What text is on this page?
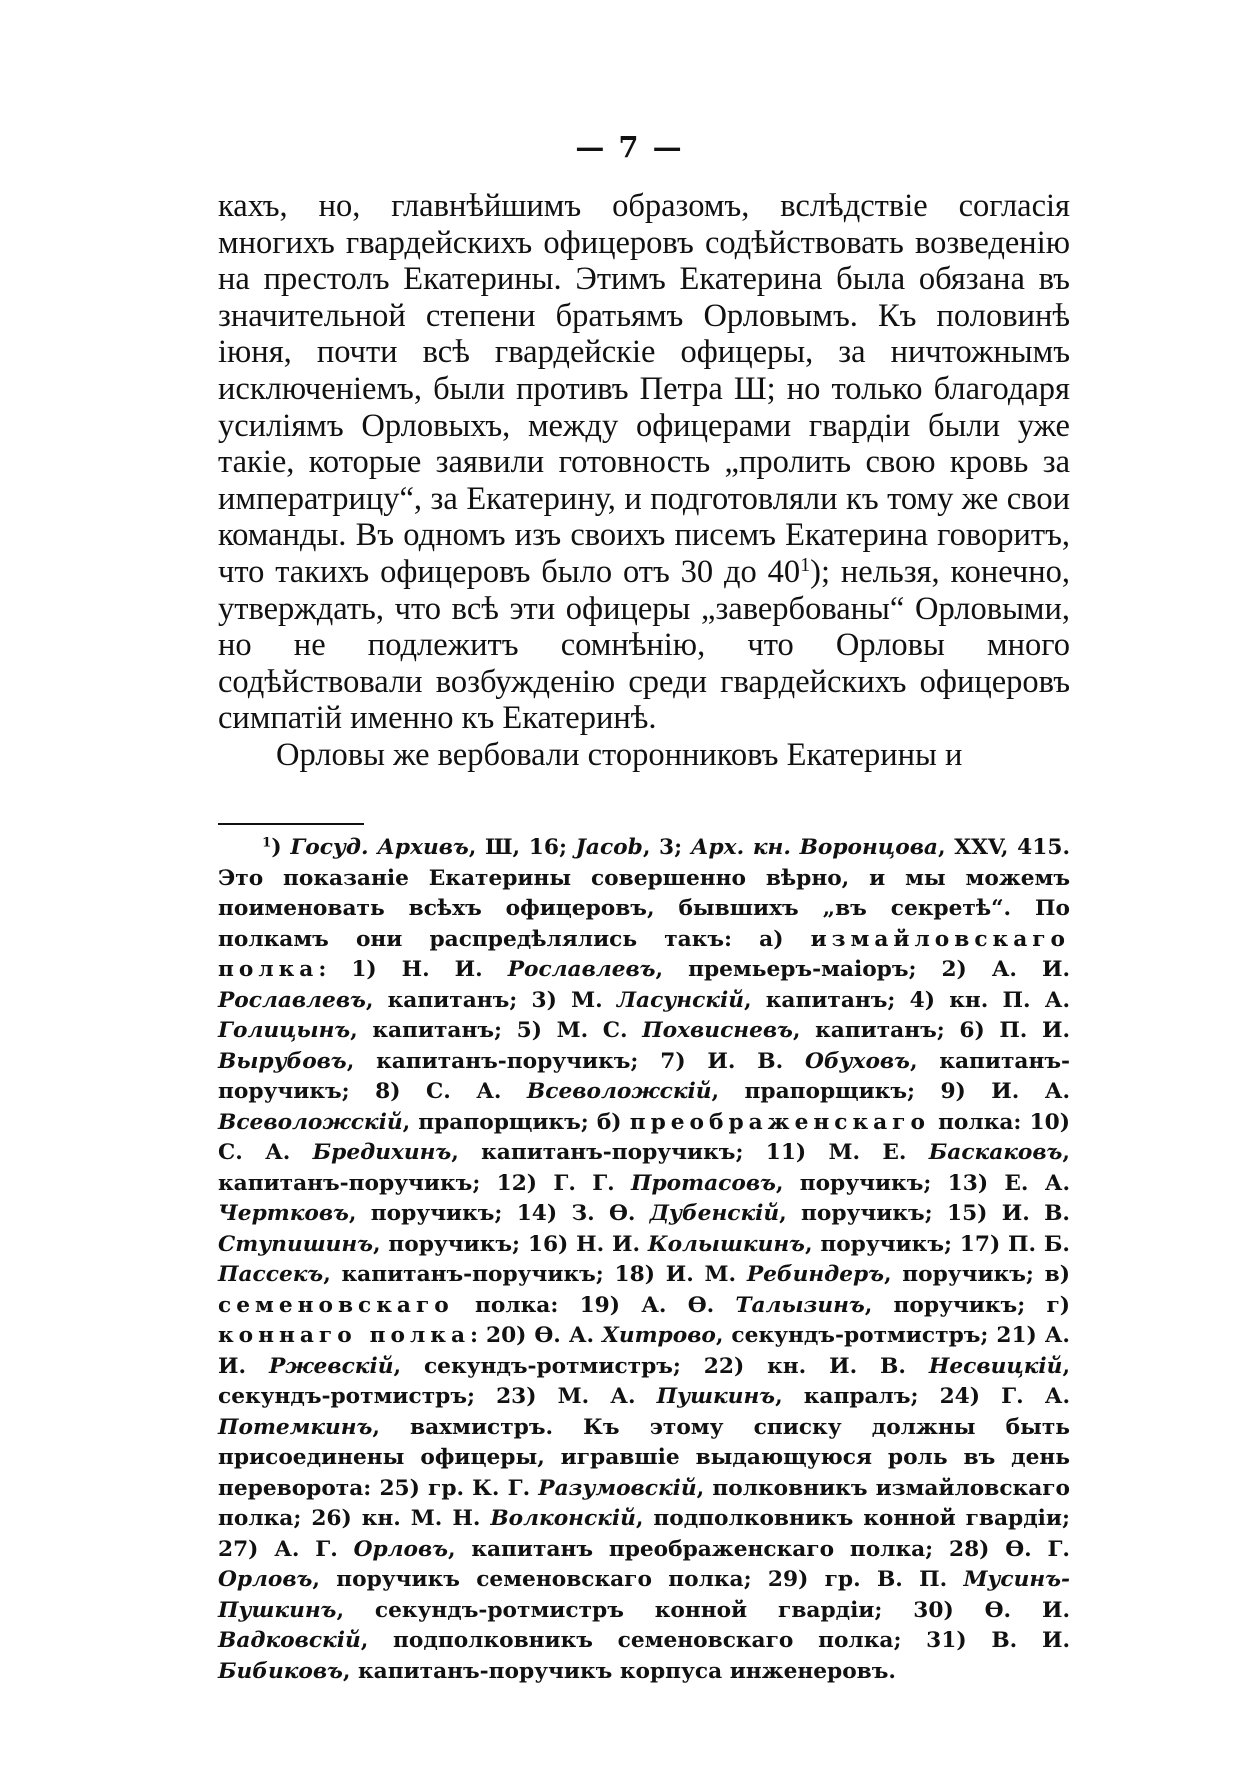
— 7 —

кахъ, но, главнѣйшимъ образомъ, вслѣдствіе согласія многихъ гвардейскихъ офицеровъ содѣйствовать возведенію на престолъ Екатерины. Этимъ Екатерина была обязана въ значительной степени братьямъ Орловымъ. Къ половинѣ іюня, почти всѣ гвардейскіе офицеры, за ничтожнымъ исключеніемъ, были противъ Петра Ш; но только благодаря усиліямъ Орловыхъ, между офицерами гвардіи были уже такіе, которые заявили готовность „пролить свою кровь за императрицу“, за Екатерину, и подготовляли къ тому же свои команды. Въ одномъ изъ своихъ писемъ Екатерина говоритъ, что такихъ офицеровъ было отъ 30 до $40^1$); нельзя, конечно, утверждать, что всѣ эти офицеры „завербованы“ Орловыми, но не подлежитъ сомнѣнію, что Орловы много содѣйствовали возбужденію среди гвардейскихъ офицеровъ симпатій именно къ Екатеринѣ.

Орловы же вербовали сторонниковъ Екатерины и

$^1$) Госуд. Архивъ, Ш, 16; Jacob, 3; Арх. кн. Воронцова, XXV, 415. Это показаніе Екатерины совершенно вѣрно, и мы можемъ поименовать всѣхъ офицеровъ, бывшихъ „въ секретѣ“. По полкамъ они распредѣлялись такъ: а) измайловскаго полка: 1) Н. И. Рославлевъ, премьеръ-маіоръ; 2) А. И. Рославлевъ, капитанъ; 3) М. Ласунскій, капитанъ; 4) кн. П. А. Голицынъ, капитанъ; 5) М. С. Похвисневъ, капитанъ; 6) П. И. Вырубовъ, капитанъ-поручикъ; 7) И. В. Обуховъ, капитанъ-поручикъ; 8) С. А. Всеволожскій, прапорщикъ; 9) И. А. Всеволожскій, прапорщикъ; б) преображенскаго полка: 10) С. А. Бредихинъ, капитанъ-поручикъ; 11) М. Е. Баскаковъ, капитанъ-поручикъ; 12) Г. Г. Протасовъ, поручикъ; 13) Е. А. Чертковъ, поручикъ; 14) З. Ѳ. Дубенскій, поручикъ; 15) И. В. Ступишинъ, поручикъ; 16) Н. И. Колышкинъ, поручикъ; 17) П. Б. Пассекъ, капитанъ-поручикъ; 18) И. М. Ребиндеръ, поручикъ; в) семеновскаго полка: 19) А. Ѳ. Талызинъ, поручикъ; г) коннаго полка: 20) Ѳ. А. Хитрово, секундъ-ротмистръ; 21) А. И. Ржевскій, секундъ-ротмистръ; 22) кн. И. В. Несвицкій, секундъ-ротмистръ; 23) М. А. Пушкинъ, капралъ; 24) Г. А. Потемкинъ, вахмистръ. Къ этому списку должны быть присоединены офицеры, игравшіе выдающуюся роль въ день переворота: 25) гр. К. Г. Разумовскій, полковникъ измайловскаго полка; 26) кн. М. Н. Волконскій, подполковникъ конной гвардіи; 27) А. Г. Орловъ, капитанъ преображенскаго полка; 28) Ѳ. Г. Орловъ, поручикъ семеновскаго полка; 29) гр. В. П. Мусинъ-Пушкинъ, секундъ-ротмистръ конной гвардіи; 30) Ѳ. И. Вадковскій, подполковникъ семеновскаго полка; 31) В. И. Бибиковъ, капитанъ-поручикъ корпуса инженеровъ.
